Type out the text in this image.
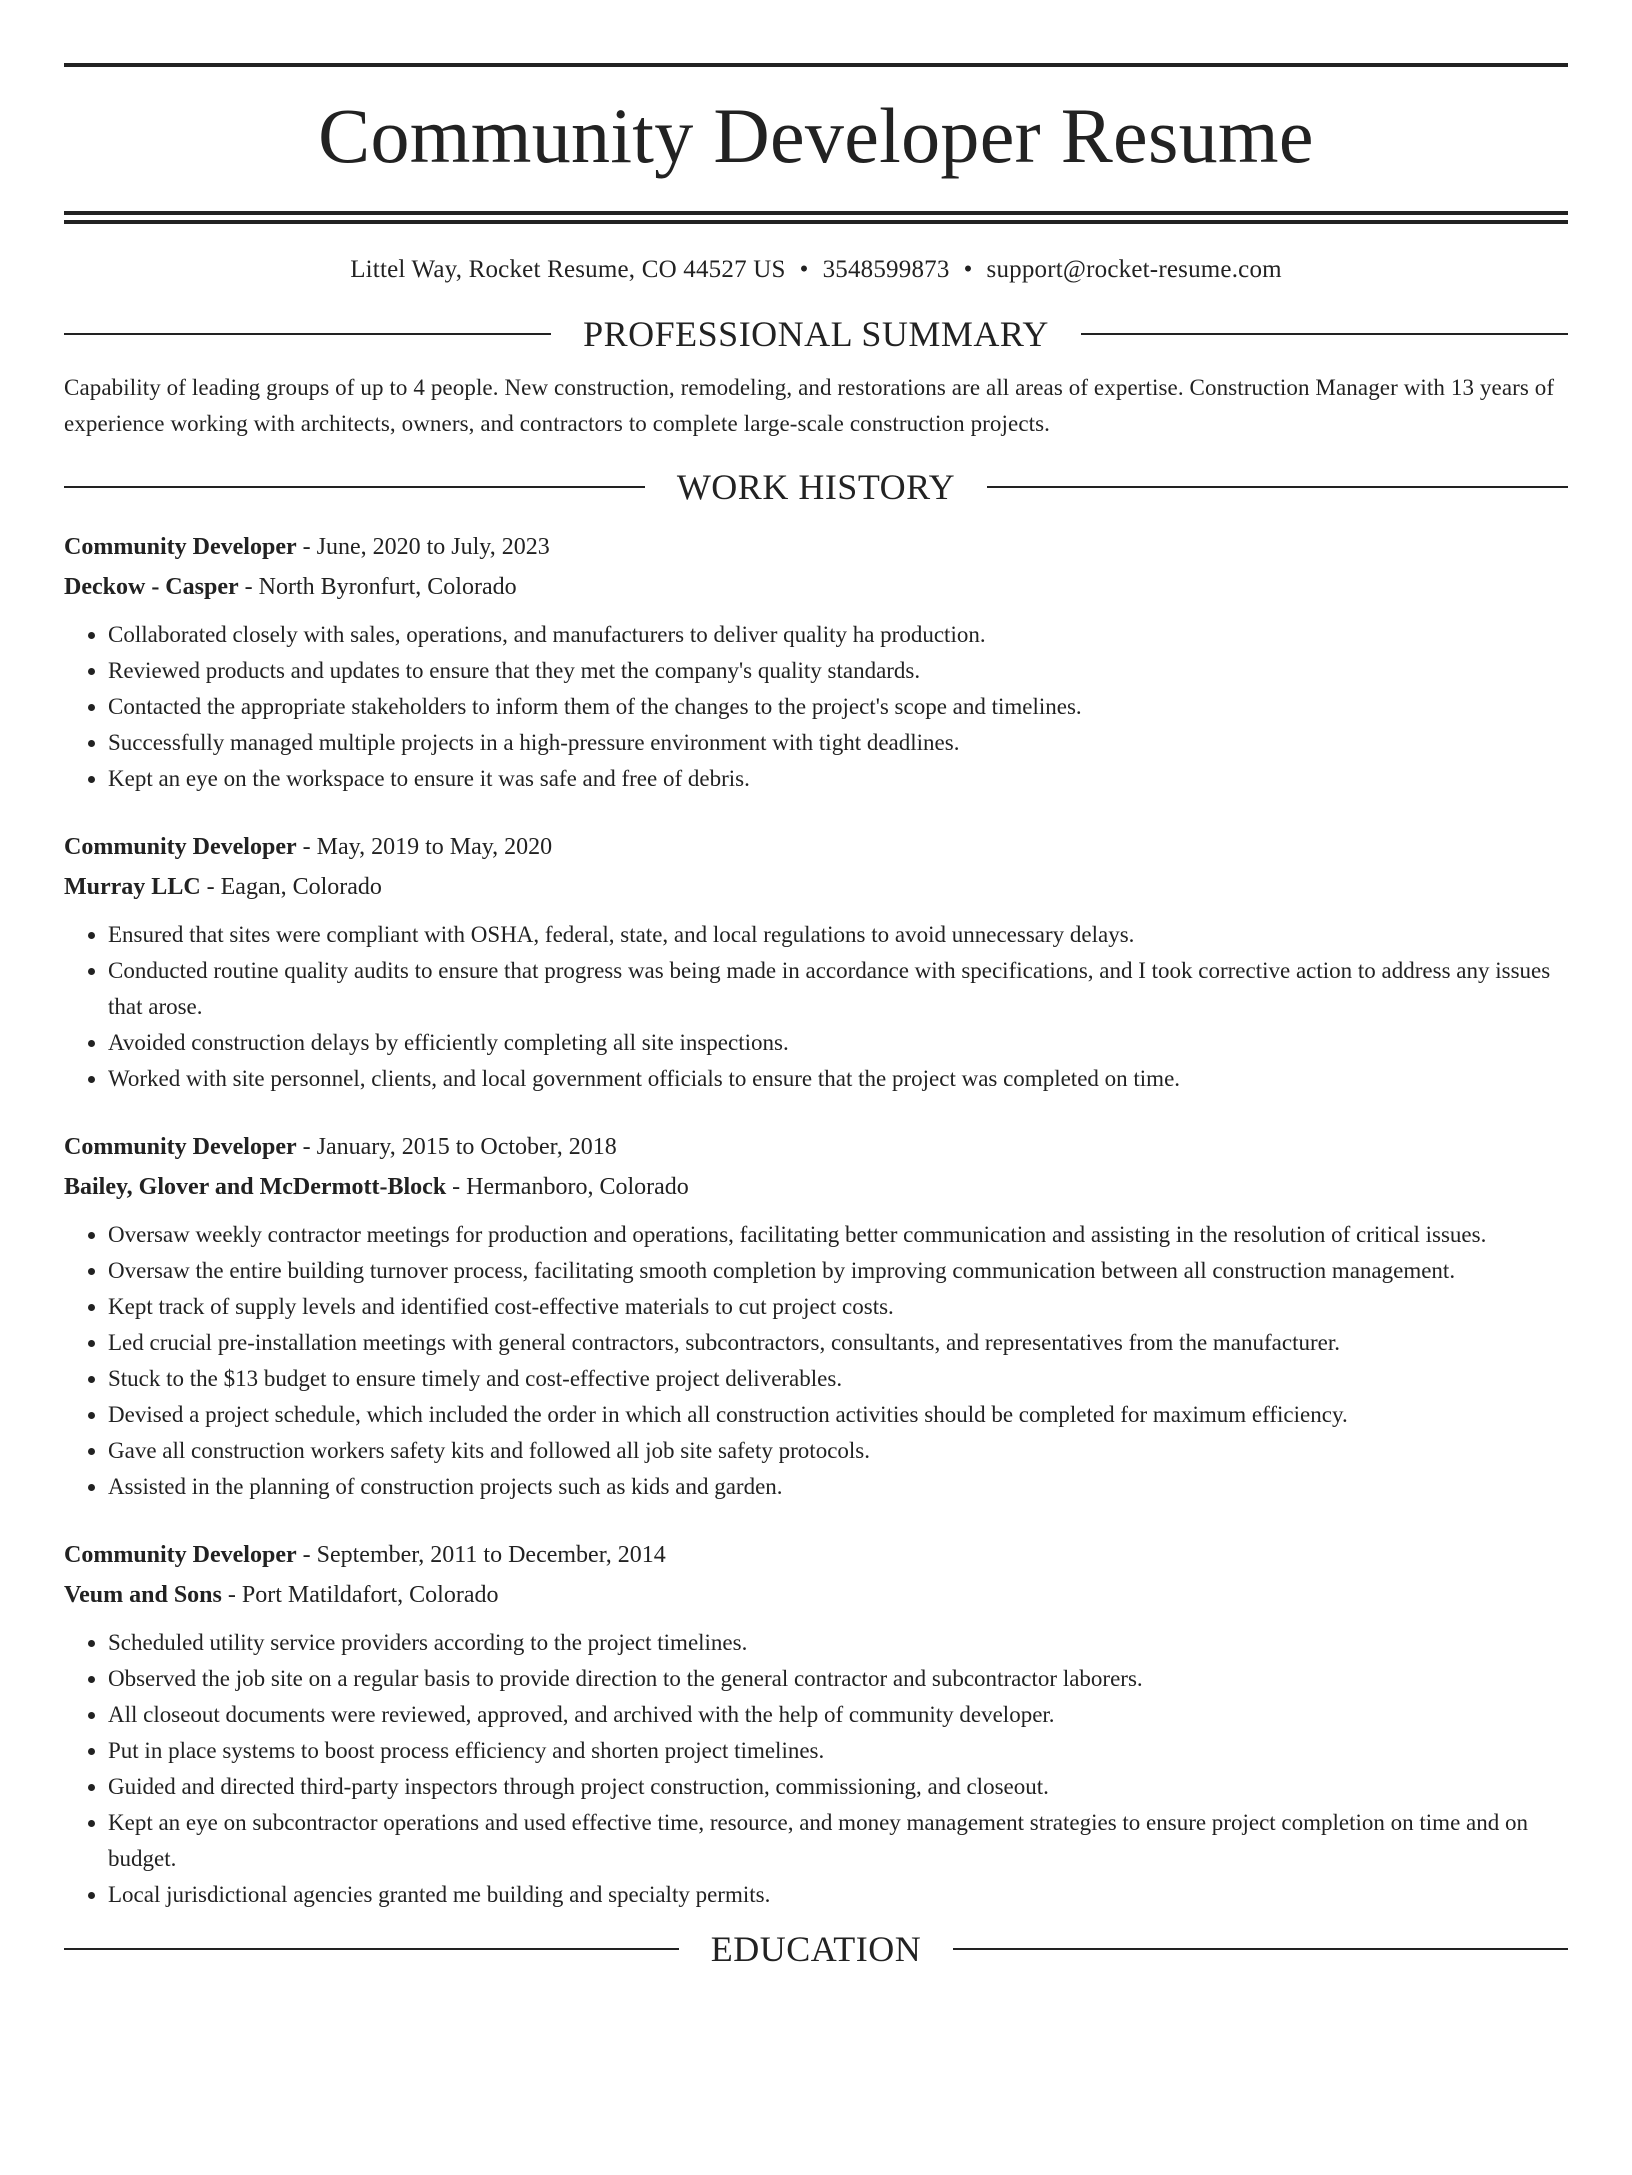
Community Developer Resume
Littel Way, Rocket Resume, CO 44527 US • 3548599873 • support@rocket-resume.com
PROFESSIONAL SUMMARY

Capability of leading groups of up to 4 people. New construction, remodeling, and restorations are all areas of expertise. Construction Manager with 13 years of experience working with architects, owners, and contractors to complete large-scale construction projects.

WORK HISTORY
Community Developer - June, 2020 to July, 2023
Deckow - Casper - North Byronfurt, Colorado
• Collaborated closely with sales, operations, and manufacturers to deliver quality ha production.
• Reviewed products and updates to ensure that they met the company's quality standards.
• Contacted the appropriate stakeholders to inform them of the changes to the project's scope and timelines.
• Successfully managed multiple projects in a high-pressure environment with tight deadlines.
• Kept an eye on the workspace to ensure it was safe and free of debris.
Community Developer - May, 2019 to May, 2020
Murray LLC - Eagan, Colorado
• Ensured that sites were compliant with OSHA, federal, state, and local regulations to avoid unnecessary delays.
• Conducted routine quality audits to ensure that progress was being made in accordance with specifications, and I took corrective action to address any issues that arose.
• Avoided construction delays by efficiently completing all site inspections.
• Worked with site personnel, clients, and local government officials to ensure that the project was completed on time.
Community Developer - January, 2015 to October, 2018
Bailey, Glover and McDermott-Block - Hermanboro, Colorado
• Oversaw weekly contractor meetings for production and operations, facilitating better communication and assisting in the resolution of critical issues.
• Oversaw the entire building turnover process, facilitating smooth completion by improving communication between all construction management.
• Kept track of supply levels and identified cost-effective materials to cut project costs.
• Led crucial pre-installation meetings with general contractors, subcontractors, consultants, and representatives from the manufacturer.
• Stuck to the $13 budget to ensure timely and cost-effective project deliverables.
• Devised a project schedule, which included the order in which all construction activities should be completed for maximum efficiency.
• Gave all construction workers safety kits and followed all job site safety protocols.
• Assisted in the planning of construction projects such as kids and garden.
Community Developer - September, 2011 to December, 2014
Veum and Sons - Port Matildafort, Colorado
• Scheduled utility service providers according to the project timelines.
• Observed the job site on a regular basis to provide direction to the general contractor and subcontractor laborers.
• All closeout documents were reviewed, approved, and archived with the help of community developer.
• Put in place systems to boost process efficiency and shorten project timelines.
• Guided and directed third-party inspectors through project construction, commissioning, and closeout.
• Kept an eye on subcontractor operations and used effective time, resource, and money management strategies to ensure project completion on time and on budget.
• Local jurisdictional agencies granted me building and specialty permits.
EDUCATION
